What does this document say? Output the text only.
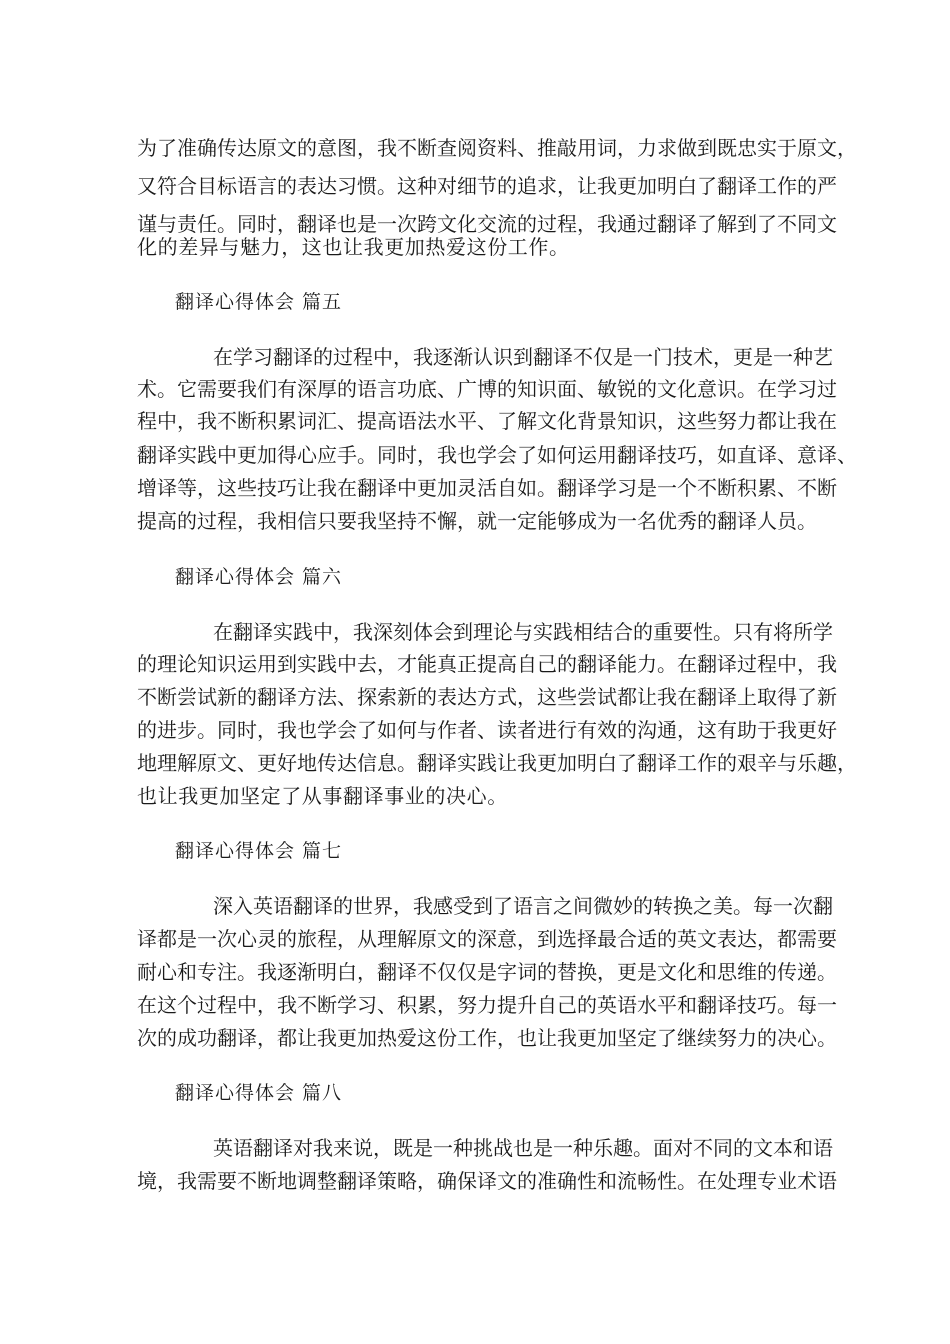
为了准确传达原文的意图，我不断查阅资料、推敲用词，力求做到既忠实于原文，
又符合目标语言的表达习惯。这种对细节的追求，让我更加明白了翻译工作的严
谨与责任。同时，翻译也是一次跨文化交流的过程，我通过翻译了解到了不同文
化的差异与魅力，这也让我更加热爱这份工作。
翻译心得体会 篇五
在学习翻译的过程中，我逐渐认识到翻译不仅是一门技术，更是一种艺
术。它需要我们有深厚的语言功底、广博的知识面、敏锐的文化意识。在学习过
程中，我不断积累词汇、提高语法水平、了解文化背景知识，这些努力都让我在
翻译实践中更加得心应手。同时，我也学会了如何运用翻译技巧，如直译、意译、
增译等，这些技巧让我在翻译中更加灵活自如。翻译学习是一个不断积累、不断
提高的过程，我相信只要我坚持不懈，就一定能够成为一名优秀的翻译人员。
翻译心得体会 篇六
在翻译实践中，我深刻体会到理论与实践相结合的重要性。只有将所学
的理论知识运用到实践中去，才能真正提高自己的翻译能力。在翻译过程中，我
不断尝试新的翻译方法、探索新的表达方式，这些尝试都让我在翻译上取得了新
的进步。同时，我也学会了如何与作者、读者进行有效的沟通，这有助于我更好
地理解原文、更好地传达信息。翻译实践让我更加明白了翻译工作的艰辛与乐趣，
也让我更加坚定了从事翻译事业的决心。
翻译心得体会 篇七
深入英语翻译的世界，我感受到了语言之间微妙的转换之美。每一次翻
译都是一次心灵的旅程，从理解原文的深意，到选择最合适的英文表达，都需要
耐心和专注。我逐渐明白，翻译不仅仅是字词的替换，更是文化和思维的传递。
在这个过程中，我不断学习、积累，努力提升自己的英语水平和翻译技巧。每一
次的成功翻译，都让我更加热爱这份工作，也让我更加坚定了继续努力的决心。
翻译心得体会 篇八
英语翻译对我来说，既是一种挑战也是一种乐趣。面对不同的文本和语
境，我需要不断地调整翻译策略，确保译文的准确性和流畅性。在处理专业术语
